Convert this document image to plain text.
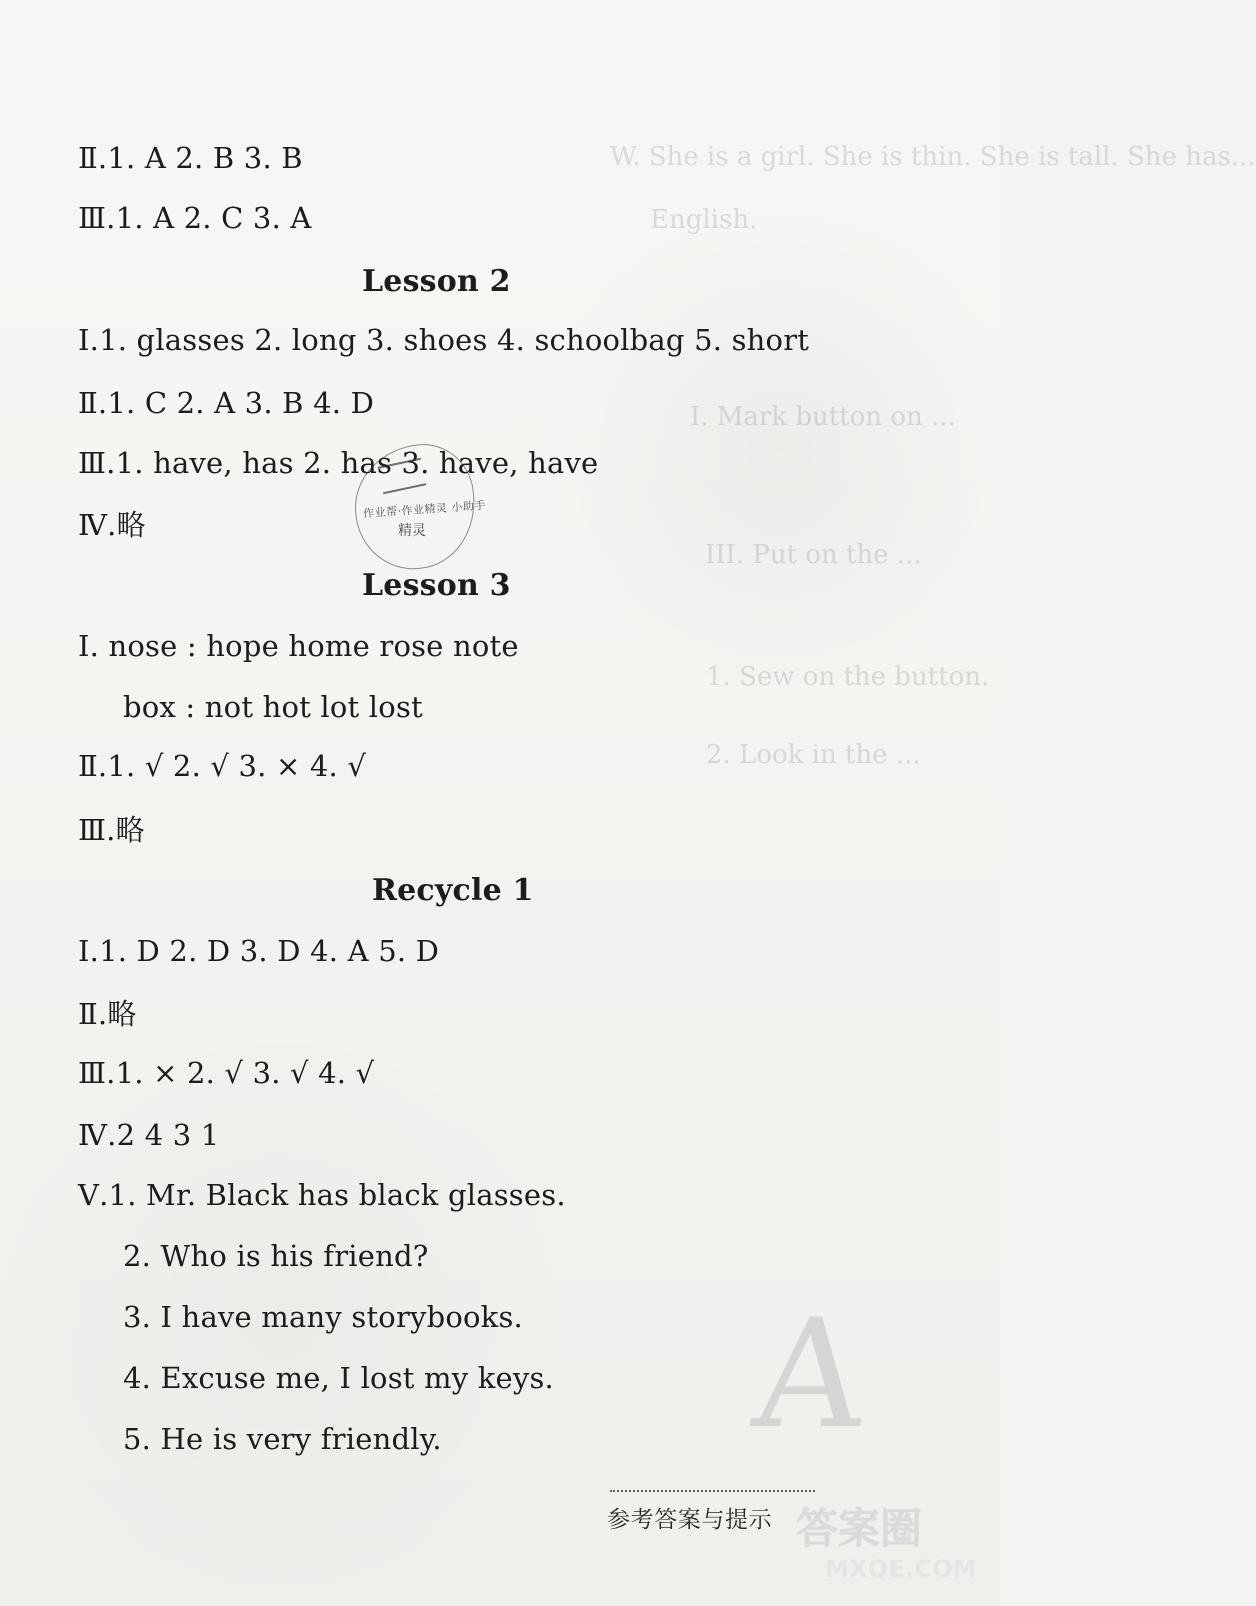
W. She is a girl. She is thin. She is tall. She has...
English.
I. Mark button on ...
III. Put on the ...
1. Sew on the button.
2. Look in the ...
Ⅱ.1. A 2. B 3. B
Ⅲ.1. A 2. C 3. A
Lesson 2
Ⅰ.1. glasses 2. long 3. shoes 4. schoolbag 5. short
Ⅱ.1. C 2. A 3. B 4. D
Ⅲ.1. have, has 2. has 3. have, have
Ⅳ.略	作业帮·作业精灵 小助手
精灵
Lesson 3
Ⅰ. nose : hope home rose note
box : not hot lot lost
Ⅱ.1. √ 2. √ 3. × 4. √
Ⅲ.略
Recycle 1
Ⅰ.1. D 2. D 3. D 4. A 5. D
Ⅱ.略
Ⅲ.1. × 2. √ 3. √ 4. √
Ⅳ.2 4 3 1
Ⅴ.1. Mr. Black has black glasses.
2. Who is his friend?
3. I have many storybooks.
4. Excuse me, I lost my keys.
5. He is very friendly. A
参考答案与提示 答案圈
MXQE.COM
